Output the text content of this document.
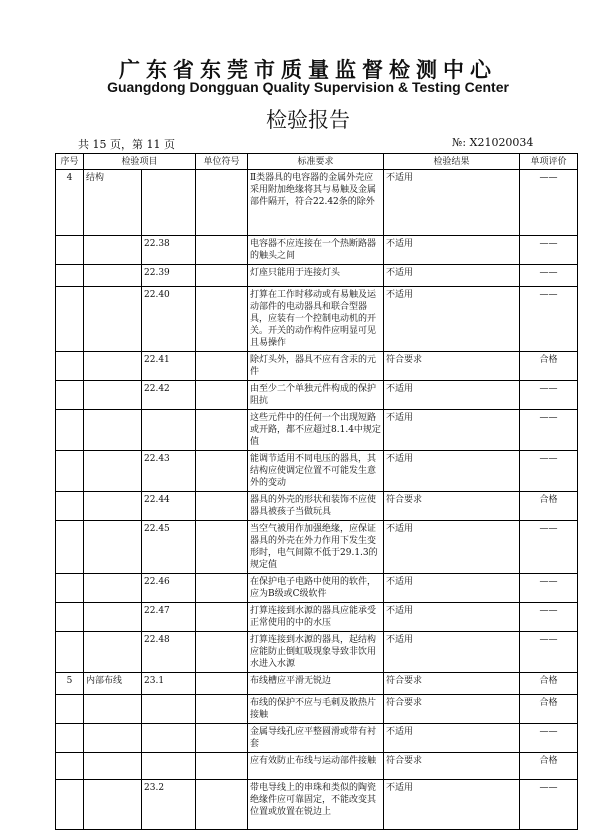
广东省东莞市质量监督检测中心
Guangdong Dongguan Quality Supervision & Testing Center
检验报告
共 15 页，第 11 页	№: X21020034
序号	检验项目		单位符号	标准要求	检验结果	单项评价
4	结构			Ⅱ类器具的电容器的金属外壳应采用附加绝缘将其与易触及金属部件隔开，符合22.42条的除外	不适用	——
		22.38		电容器不应连接在一个热断路器的触头之间	不适用	——
		22.39		灯座只能用于连接灯头	不适用	——
		22.40		打算在工作时移动或有易触及运动部件的电动器具和联合型器具，应装有一个控制电动机的开关。开关的动作构件应明显可见且易操作	不适用	——
		22.41		除灯头外，器具不应有含汞的元件	符合要求	合格
		22.42		由至少二个单独元件构成的保护阻抗	不适用	——
				这些元件中的任何一个出现短路或开路，都不应超过8.1.4中规定值	不适用	——
		22.43		能调节适用不同电压的器具，其结构应使调定位置不可能发生意外的变动	不适用	——
		22.44		器具的外壳的形状和装饰不应使器具被孩子当做玩具	符合要求	合格
		22.45		当空气被用作加强绝缘，应保证器具的外壳在外力作用下发生变形时，电气间隙不低于29.1.3的规定值	不适用	——
		22.46		在保护电子电路中使用的软件，应为B级或C级软件	不适用	——
		22.47		打算连接到水源的器具应能承受正常使用的中的水压	不适用	——
		22.48		打算连接到水源的器具，起结构应能防止倒虹吸现象导致非饮用水进入水源	不适用	——
5	内部布线	23.1		布线槽应平滑无锐边	符合要求	合格
				布线的保护不应与毛刺及散热片接触	符合要求	合格
				金属导线孔应平整圆滑或带有衬套	不适用	——
				应有效防止布线与运动部件接触	符合要求	合格
		23.2		带电导线上的串珠和类似的陶瓷绝缘件应可靠固定，不能改变其位置或放置在锐边上	不适用	——
